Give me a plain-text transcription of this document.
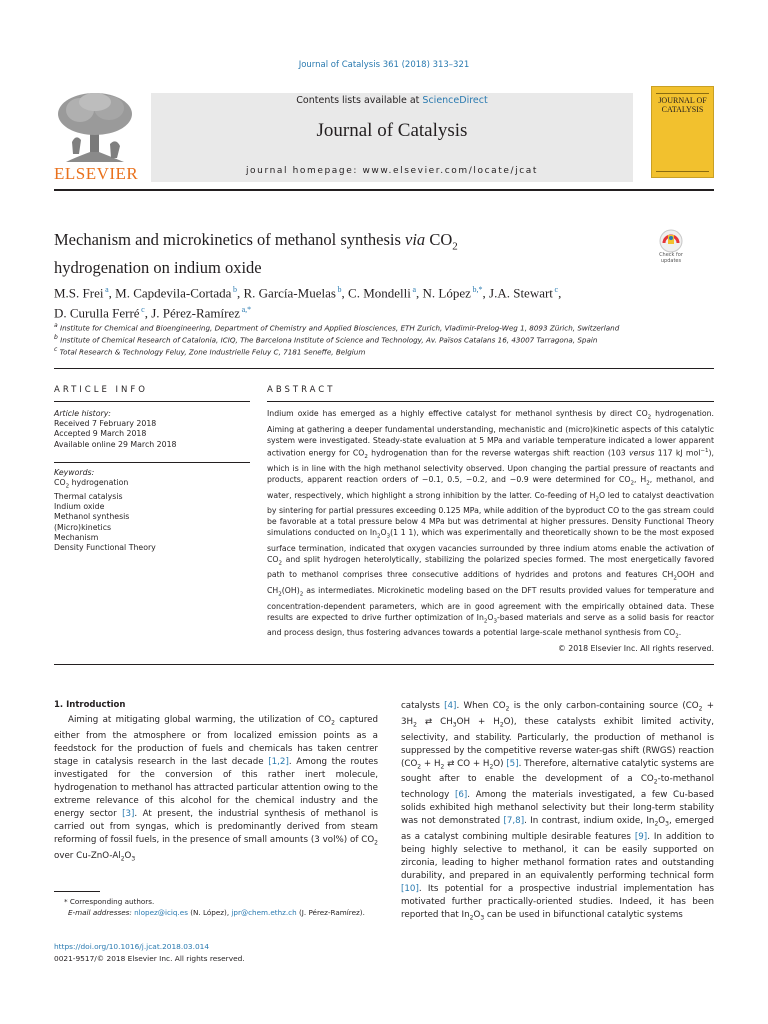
Journal of Catalysis 361 (2018) 313–321
ELSEVIER
Contents lists available at ScienceDirect
Journal of Catalysis
journal homepage: www.elsevier.com/locate/jcat
JOURNAL OF
CATALYSIS
Mechanism and microkinetics of methanol synthesis via $CO_2$
hydrogenation on indium oxide
Check for updates
M.S. Frei $^a$, M. Capdevila-Cortada $^b$, R. García-Muelas $^b$, C. Mondelli $^a$, N. López $^{b,*}$, J.A. Stewart $^c$,
D. Curulla Ferré $^c$, J. Pérez-Ramírez $^{a,*}$
$^a$ Institute for Chemical and Bioengineering, Department of Chemistry and Applied Biosciences, ETH Zurich, Vladimir-Prelog-Weg 1, 8093 Zürich, Switzerland
$^b$ Institute of Chemical Research of Catalonia, ICIQ, The Barcelona Institute of Science and Technology, Av. Països Catalans 16, 43007 Tarragona, Spain
$^c$ Total Research & Technology Feluy, Zone Industrielle Feluy C, 7181 Seneffe, Belgium
ARTICLE INFO
Article history:
Received 7 February 2018
Accepted 9 March 2018
Available online 29 March 2018
Keywords:
$CO_2$ hydrogenation
Thermal catalysis
Indium oxide
Methanol synthesis
(Micro)kinetics
Mechanism
Density Functional Theory
ABSTRACT
Indium oxide has emerged as a highly effective catalyst for methanol synthesis by direct $CO_2$ hydrogenation. Aiming at gathering a deeper fundamental understanding, mechanistic and (micro)kinetic aspects of this catalytic system were investigated. Steady-state evaluation at 5 MPa and variable temperature indicated a lower apparent activation energy for $CO_2$ hydrogenation than for the reverse watergas shift reaction (103 versus 117 kJ mol$^{-1}$), which is in line with the high methanol selectivity observed. Upon changing the partial pressure of reactants and products, apparent reaction orders of −0.1, 0.5, −0.2, and −0.9 were determined for $CO_2$, $H_2$, methanol, and water, respectively, which highlight a strong inhibition by the latter. Co-feeding of $H_2O$ led to catalyst deactivation by sintering for partial pressures exceeding 0.125 MPa, while addition of the byproduct CO to the gas stream could be favorable at a total pressure below 4 MPa but was detrimental at higher pressures. Density Functional Theory simulations conducted on $In_2O_3(1$ 1 1), which was experimentally and theoretically shown to be the most exposed surface termination, indicated that oxygen vacancies surrounded by three indium atoms enable the activation of $CO_2$ and split hydrogen heterolytically, stabilizing the polarized species formed. The most energetically favored path to methanol comprises three consecutive additions of hydrides and protons and features $CH_2OOH$ and $CH_2(OH)_2$ as intermediates. Microkinetic modeling based on the DFT results provided values for temperature and concentration-dependent parameters, which are in good agreement with the empirically obtained data. These results are expected to drive further optimization of $In_2O_3$-based materials and serve as a solid basis for reactor and process design, thus fostering advances towards a potential large-scale methanol synthesis from $CO_2$.
© 2018 Elsevier Inc. All rights reserved.
1. Introduction
Aiming at mitigating global warming, the utilization of $CO_2$ captured either from the atmosphere or from localized emission points as a feedstock for the production of fuels and chemicals has taken centrer stage in catalysis research in the last decade [1,2]. Among the routes investigated for the conversion of this rather inert molecule, hydrogenation to methanol has attracted particular attention owing to the extreme relevance of this alcohol for the chemical industry and the energy sector [3]. At present, the industrial synthesis of methanol is carried out from syngas, which is predominantly derived from steam reforming of fossil fuels, in the presence of small amounts (3 vol%) of $CO_2$ over $Cu-ZnO-Al_2O_3$
catalysts [4]. When $CO_2$ is the only carbon-containing source ($CO_2 + 3H_2$ ⇄ $CH_3OH + H_2O$), these catalysts exhibit limited activity, selectivity, and stability. Particularly, the production of methanol is suppressed by the competitive reverse water-gas shift (RWGS) reaction ($CO_2 + H_2$ ⇄ CO + $H_2O$) [5]. Therefore, alternative catalytic systems are sought after to enable the development of a $CO_2-to$-methanol technology [6]. Among the materials investigated, a few Cu-based solids exhibited high methanol selectivity but their long-term stability was not demonstrated [7,8]. In contrast, indium oxide, $In_2O_3$, emerged as a catalyst combining multiple desirable features [9]. In addition to being highly selective to methanol, it can be easily supported on zirconia, leading to higher methanol formation rates and outstanding durability, and prepared in an equivalently performing technical form [10]. Its potential for a prospective industrial implementation has motivated further practically-oriented studies. Indeed, it has been reported that $In_2O_3$ can be used in bifunctional catalytic systems
* Corresponding authors.
E-mail addresses: nlopez@iciq.es (N. López), jpr@chem.ethz.ch (J. Pérez-Ramírez).
https://doi.org/10.1016/j.jcat.2018.03.014
0021-9517/© 2018 Elsevier Inc. All rights reserved.
